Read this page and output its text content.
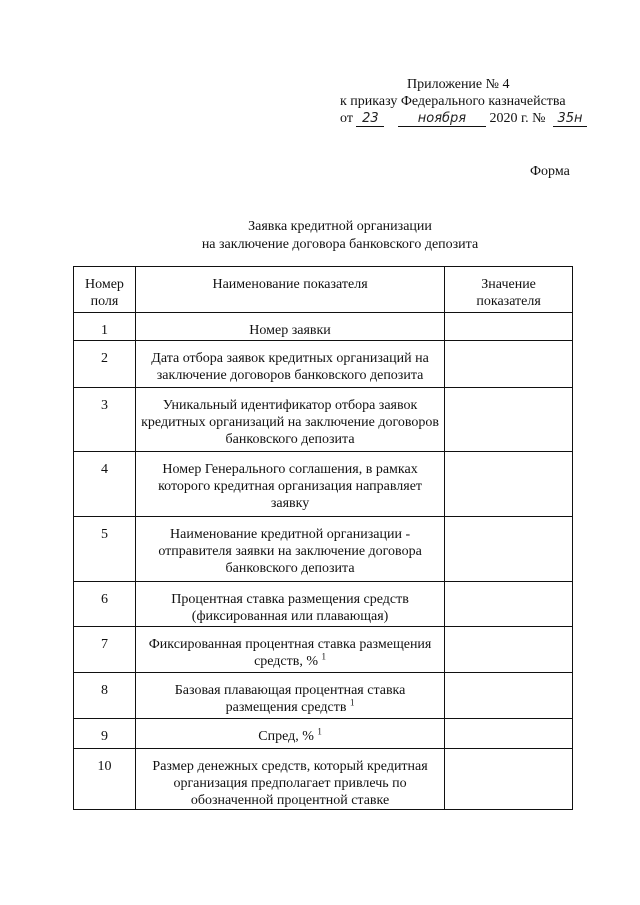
Приложение № 4
к приказу Федерального казначейства
от 23	ноября 2020 г. № 35н
Форма
Заявка кредитной организации
на заключение договора банковского депозита
Номер поля	Наименование показателя	Значение показателя
1	Номер заявки	
2	Дата отбора заявок кредитных организаций на заключение договоров банковского депозита	
3	Уникальный идентификатор отбора заявок кредитных организаций на заключение договоров банковского депозита	
4	Номер Генерального соглашения, в рамках которого кредитная организация направляет заявку	
5	Наименование кредитной организации - отправителя заявки на заключение договора банковского депозита	
6	Процентная ставка размещения средств (фиксированная или плавающая)	
7	Фиксированная процентная ставка размещения средств, % $^1$	
8	Базовая плавающая процентная ставка размещения средств $^1$	
9	Спред, % $^1$	
10	Размер денежных средств, который кредитная организация предполагает привлечь по обозначенной процентной ставке	
